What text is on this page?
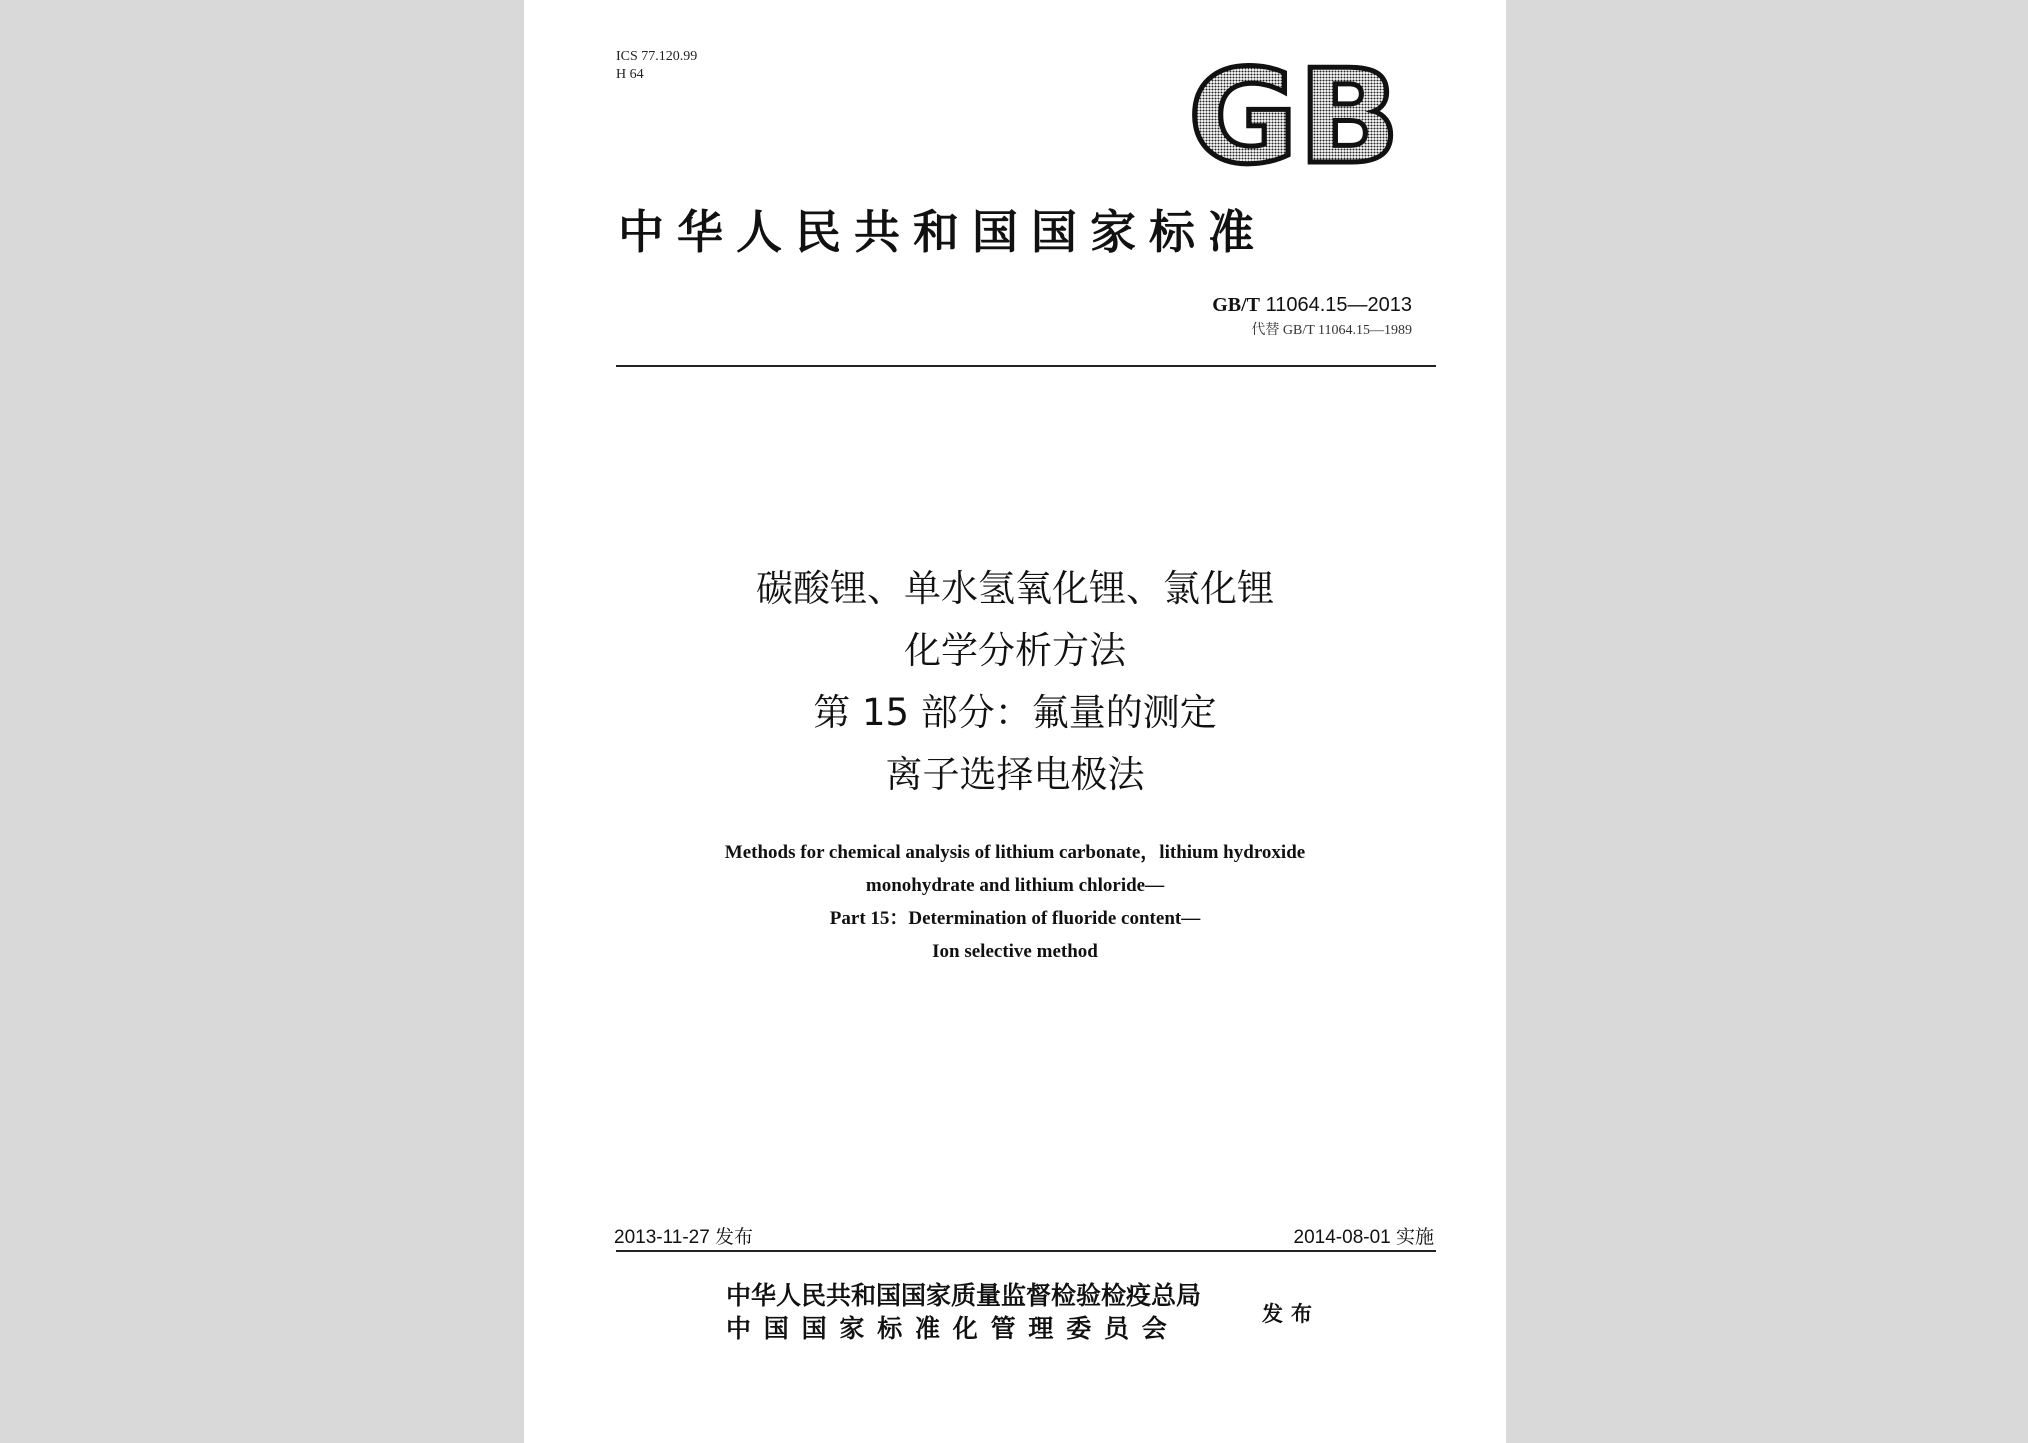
ICS 77.120.99
H 64	GB
中华人民共和国国家标准
GB/T 11064.15—2013
代替 GB/T 11064.15—1989
碳酸锂、单水氢氧化锂、氯化锂
化学分析方法
第 15 部分：氟量的测定
离子选择电极法
Methods for chemical analysis of lithium carbonate，lithium hydroxide
monohydrate and lithium chloride—
Part 15：Determination of fluoride content—
Ion selective method
2013-11-27 发布	2014-08-01 实施
中华人民共和国国家质量监督检验检疫总局
中国国家标准化管理委员会	发布
